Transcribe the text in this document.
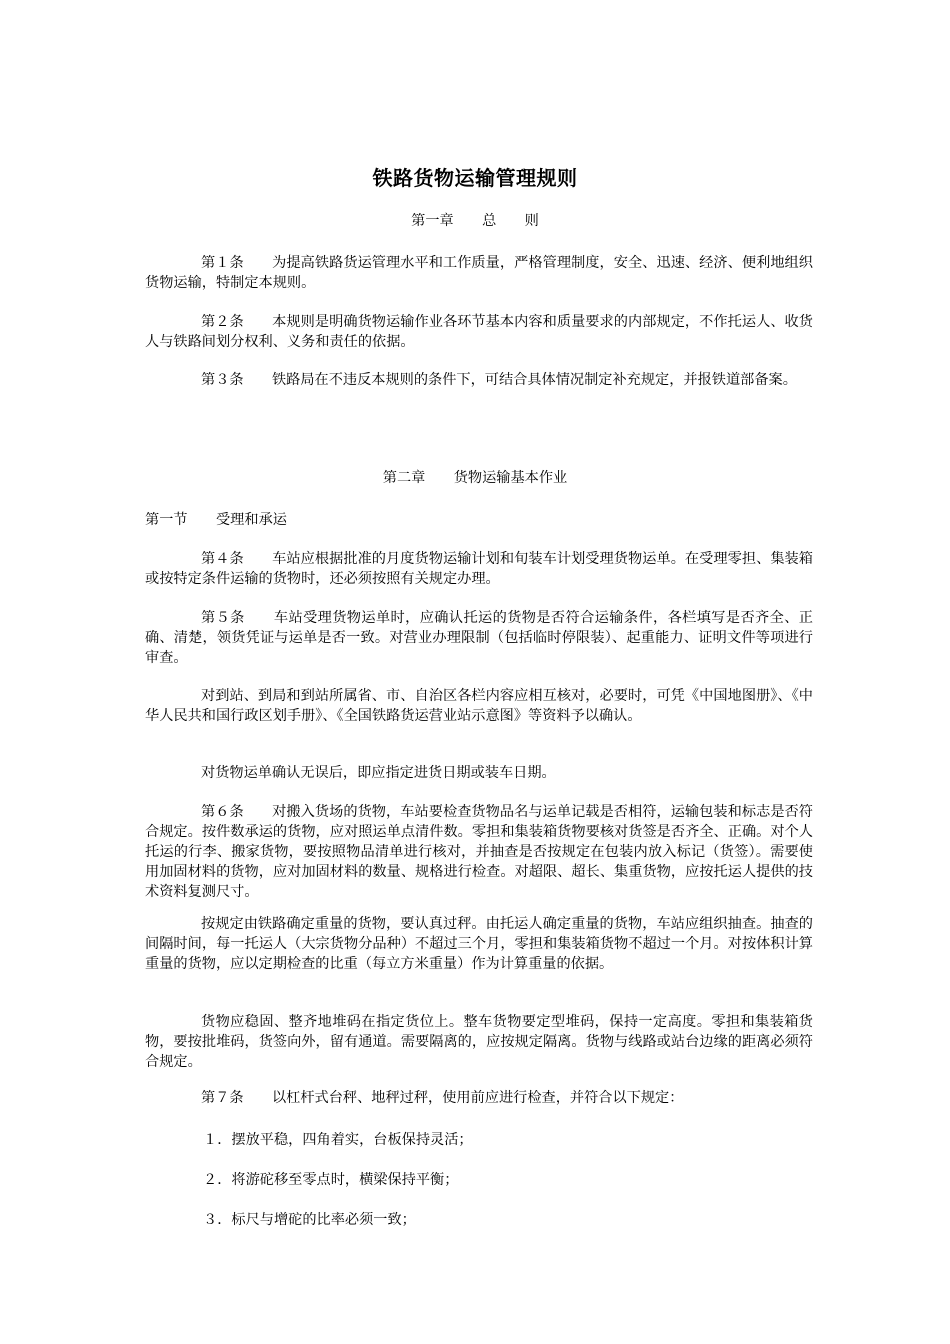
铁路货物运输管理规则
第一章　　总　　则
第１条　　为提高铁路货运管理水平和工作质量，严格管理制度，安全、迅速、经济、便利地组织货物运输，特制定本规则。
第２条　　本规则是明确货物运输作业各环节基本内容和质量要求的内部规定，不作托运人、收货人与铁路间划分权利、义务和责任的依据。
第３条　　铁路局在不违反本规则的条件下，可结合具体情况制定补充规定，并报铁道部备案。
第二章　　货物运输基本作业
第一节　　受理和承运
第４条　　车站应根据批准的月度货物运输计划和旬装车计划受理货物运单。在受理零担、集装箱或按特定条件运输的货物时，还必须按照有关规定办理。
第５条　　车站受理货物运单时，应确认托运的货物是否符合运输条件，各栏填写是否齐全、正确、清楚，领货凭证与运单是否一致。对营业办理限制（包括临时停限装）、起重能力、证明文件等项进行审查。
对到站、到局和到站所属省、市、自治区各栏内容应相互核对，必要时，可凭《中国地图册》、《中华人民共和国行政区划手册》、《全国铁路货运营业站示意图》等资料予以确认。
对货物运单确认无误后，即应指定进货日期或装车日期。
第６条　　对搬入货场的货物，车站要检查货物品名与运单记载是否相符，运输包装和标志是否符合规定。按件数承运的货物，应对照运单点清件数。零担和集装箱货物要核对货签是否齐全、正确。对个人托运的行李、搬家货物，要按照物品清单进行核对，并抽查是否按规定在包装内放入标记（货签）。需要使用加固材料的货物，应对加固材料的数量、规格进行检查。对超限、超长、集重货物，应按托运人提供的技术资料复测尺寸。
按规定由铁路确定重量的货物，要认真过秤。由托运人确定重量的货物，车站应组织抽查。抽查的间隔时间，每一托运人（大宗货物分品种）不超过三个月，零担和集装箱货物不超过一个月。对按体积计算重量的货物，应以定期检查的比重（每立方米重量）作为计算重量的依据。
货物应稳固、整齐地堆码在指定货位上。整车货物要定型堆码，保持一定高度。零担和集装箱货物，要按批堆码，货签向外，留有通道。需要隔离的，应按规定隔离。货物与线路或站台边缘的距离必须符合规定。
第７条　　以杠杆式台秤、地秤过秤，使用前应进行检查，并符合以下规定：
１．摆放平稳，四角着实，台板保持灵活；
２．将游砣移至零点时，横梁保持平衡；
３．标尺与增砣的比率必须一致；
